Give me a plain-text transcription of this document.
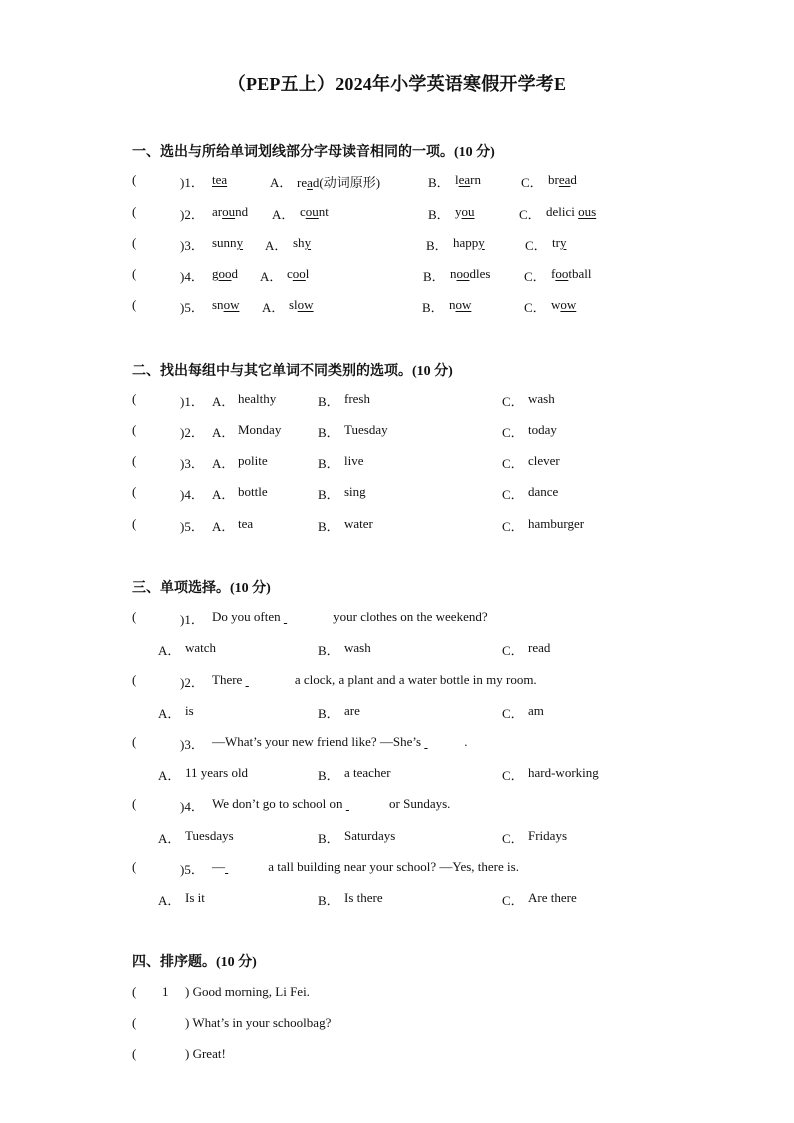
（PEP五上）2024年小学英语寒假开学考E
一、选出与所给单词划线部分字母读音相同的一项。(10 分)
(	)1． tea	A． read(动词原形)	B． learn	C． bread
(	)2． around A． count	B． you	C． delici ous
(	)3． sunny A． shy	B． happy	C． try
(	)4． good A． cool	B． noodles	C． football
(	)5． snow A． slow	B． now	C． wow
二、找出每组中与其它单词不同类别的选项。(10 分)
(	)1． A． healthy	B． fresh	C． wash
(	)2． A． Monday	B． Tuesday	C． today
(	)3． A． polite	B． live	C． clever
(	)4． A． bottle	B． sing	C． dance
(	)5． A． tea	B． water	C． hamburger
三、单项选择。(10 分)
(	)1． Do you often	your clothes on the weekend?
A． watch	B． wash	C． read
(	)2． There	a clock, a plant and a water bottle in my room.
A． is	B． are	C． am
(	)3． —What’s your new friend like? —She’s	.
A． 11 years old	B． a teacher	C． hard-working
(	)4． We don’t go to school on	or Sundays.
A． Tuesdays	B． Saturdays	C． Fridays
(	)5． —	a tall building near your school? —Yes, there is.
A． Is it	B． Is there	C． Are there
四、排序题。(10 分)
( 1 ) Good morning, Li Fei.
(	) What’s in your schoolbag?
(	) Great!
